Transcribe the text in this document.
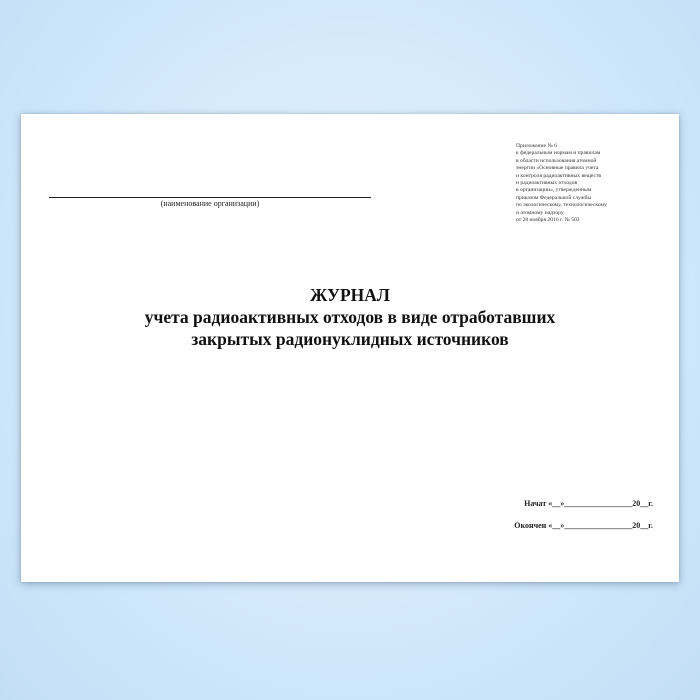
(наименование организации)
Приложение № 6
к федеральным нормам и правилам
в области использования атомной
энергии «Основные правила учета
и контроля радиоактивных веществ
и радиоактивных отходов
в организации», утвержденным
приказом Федеральной службы
по экологическому, технологическому
и атомному надзору
от 28 ноября 2016 г. № 503
ЖУРНАЛ
учета радиоактивных отходов в виде отработавших
закрытых радионуклидных источников
Начат «__»_________________20__г.
Окончен «__»_________________20__г.
